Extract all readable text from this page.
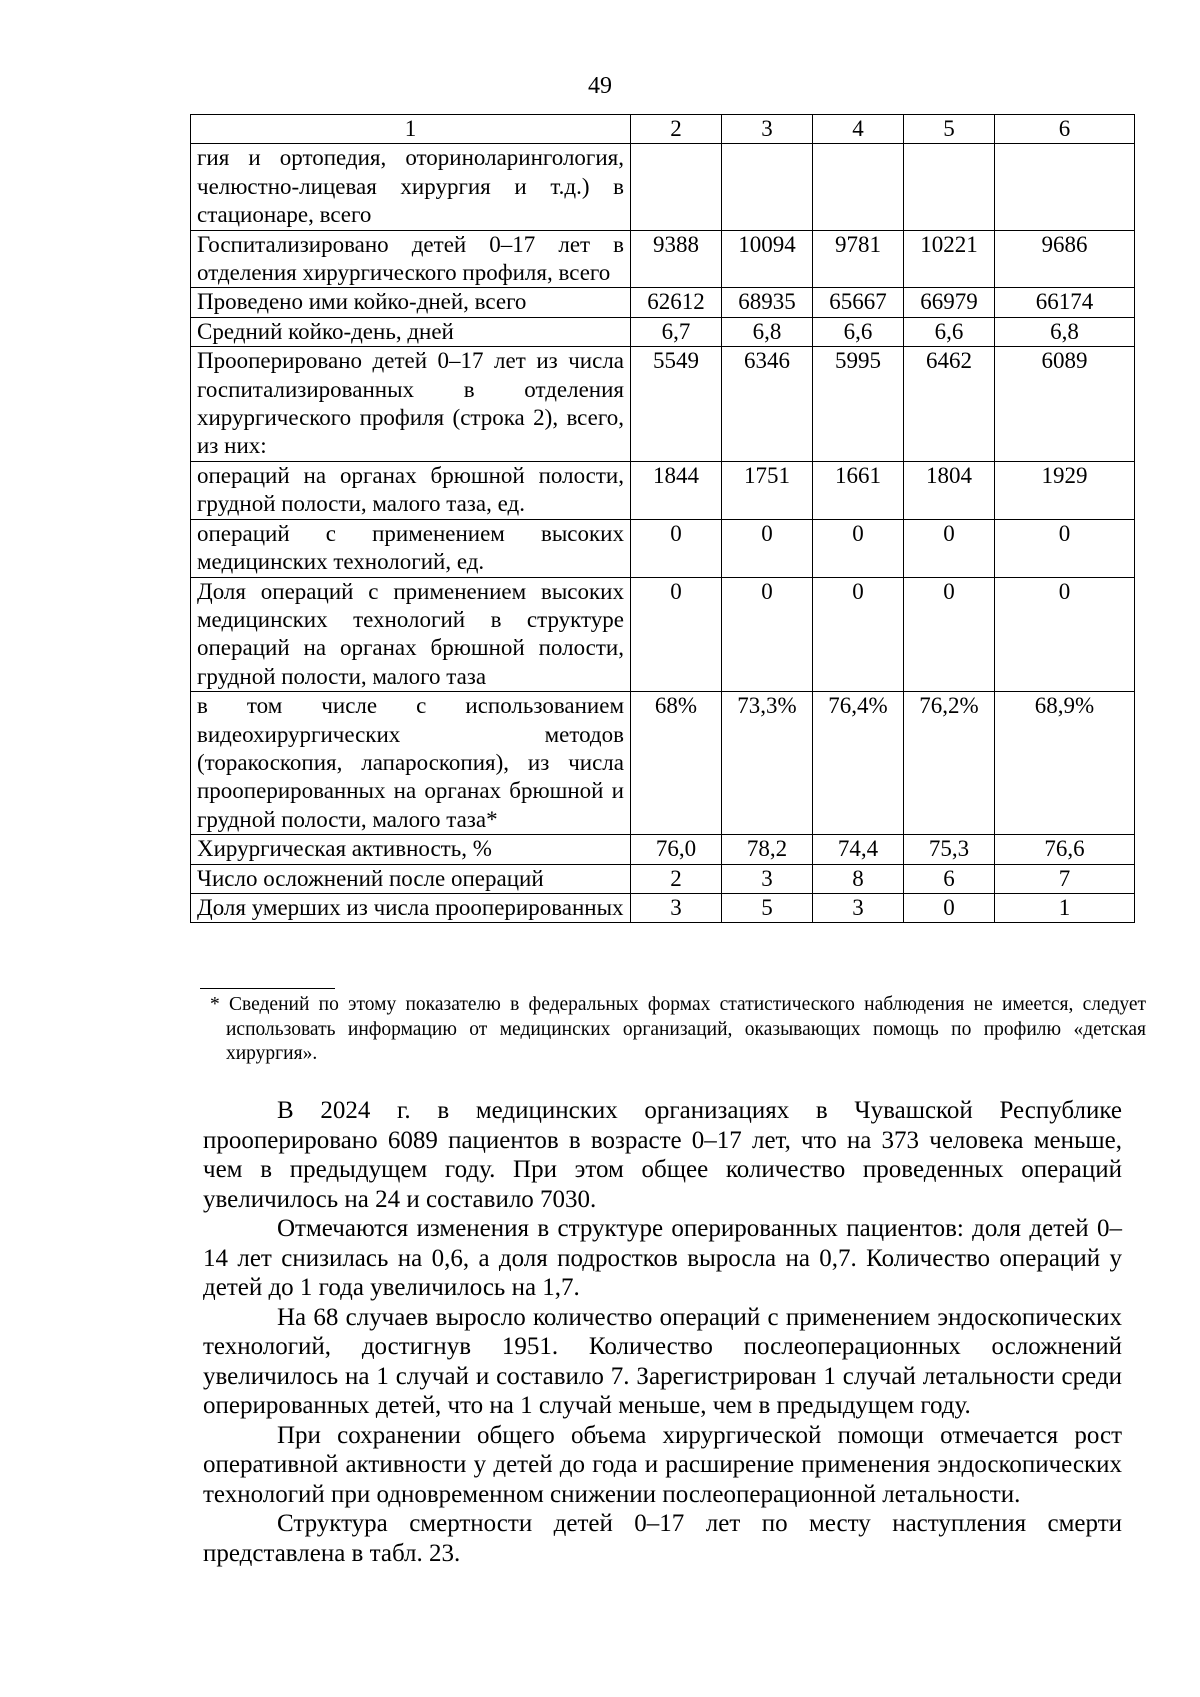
49
1	2	3	4	5	6
гия и ортопедия, оториноларингология, челюстно-лицевая хирургия и т.д.) в стационаре, всего					
Госпитализировано детей 0–17 лет в отделения хирургического профиля, всего	9388	10094	9781	10221	9686
Проведено ими койко-дней, всего	62612	68935	65667	66979	66174
Средний койко-день, дней	6,7	6,8	6,6	6,6	6,8
Прооперировано детей 0–17 лет из числа госпитализированных в отделения хирургического профиля (строка 2), всего, из них:	5549	6346	5995	6462	6089
операций на органах брюшной полости, грудной полости, малого таза, ед.	1844	1751	1661	1804	1929
операций с применением высоких медицинских технологий, ед.	0	0	0	0	0
Доля операций с применением высоких медицинских технологий в структуре операций на органах брюшной полости, грудной полости, малого таза	0	0	0	0	0
в том числе с использованием видеохирургических методов (торакоскопия, лапароскопия), из числа прооперированных на органах брюшной и грудной полости, малого таза*	68%	73,3%	76,4%	76,2%	68,9%
Хирургическая активность, %	76,0	78,2	74,4	75,3	76,6
Число осложнений после операций	2	3	8	6	7
Доля умерших из числа прооперированных	3	5	3	0	1
* Сведений по этому показателю в федеральных формах статистического наблюдения не имеется, следует использовать информацию от медицинских организаций, оказывающих помощь по профилю «детская хирургия».

В 2024 г. в медицинских организациях в Чувашской Республике прооперировано 6089 пациентов в возрасте 0–17 лет, что на 373 человека меньше, чем в предыдущем году. При этом общее количество проведенных операций увеличилось на 24 и составило 7030.

Отмечаются изменения в структуре оперированных пациентов: доля детей 0–14 лет снизилась на 0,6, а доля подростков выросла на 0,7. Количество операций у детей до 1 года увеличилось на 1,7.

На 68 случаев выросло количество операций с применением эндоскопических технологий, достигнув 1951. Количество послеоперационных осложнений увеличилось на 1 случай и составило 7. Зарегистрирован 1 случай летальности среди оперированных детей, что на 1 случай меньше, чем в предыдущем году.

При сохранении общего объема хирургической помощи отмечается рост оперативной активности у детей до года и расширение применения эндоскопических технологий при одновременном снижении послеоперационной летальности.

Структура смертности детей 0–17 лет по месту наступления смерти представлена в табл. 23.
